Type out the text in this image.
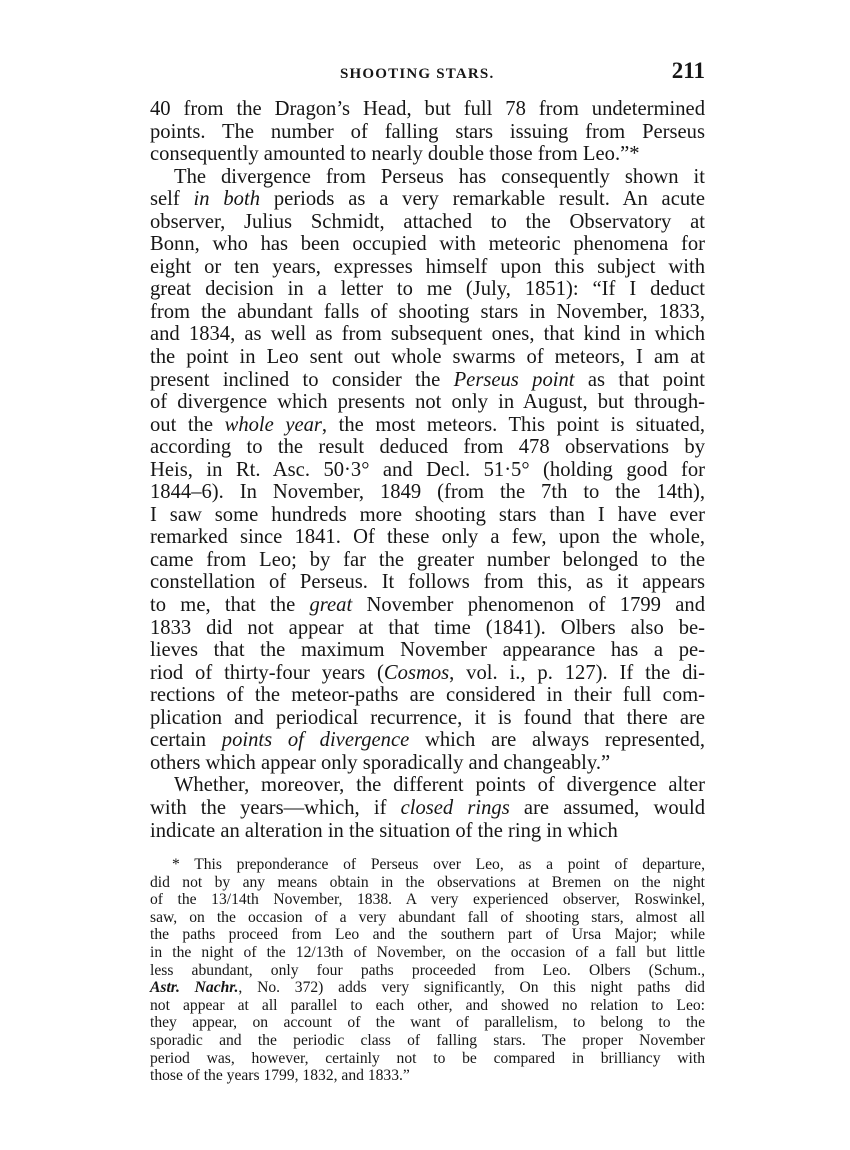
SHOOTING STARS.	211
40 from the Dragon’s Head, but full 78 from undetermined
points. The number of falling stars issuing from Perseus
consequently amounted to nearly double those from Leo.”*
The divergence from Perseus has consequently shown it
self in both periods as a very remarkable result. An acute
observer, Julius Schmidt, attached to the Observatory at
Bonn, who has been occupied with meteoric phenomena for
eight or ten years, expresses himself upon this subject with
great decision in a letter to me (July, 1851): “If I deduct
from the abundant falls of shooting stars in November, 1833,
and 1834, as well as from subsequent ones, that kind in which
the point in Leo sent out whole swarms of meteors, I am at
present inclined to consider the Perseus point as that point
of divergence which presents not only in August, but through-
out the whole year, the most meteors. This point is situated,
according to the result deduced from 478 observations by
Heis, in Rt. Asc. 50·3° and Decl. 51·5° (holding good for
1844–6). In November, 1849 (from the 7th to the 14th),
I saw some hundreds more shooting stars than I have ever
remarked since 1841. Of these only a few, upon the whole,
came from Leo; by far the greater number belonged to the
constellation of Perseus. It follows from this, as it appears
to me, that the great November phenomenon of 1799 and
1833 did not appear at that time (1841). Olbers also be-
lieves that the maximum November appearance has a pe-
riod of thirty-four years (Cosmos, vol. i., p. 127). If the di-
rections of the meteor-paths are considered in their full com-
plication and periodical recurrence, it is found that there are
certain points of divergence which are always represented,
others which appear only sporadically and changeably.”
Whether, moreover, the different points of divergence alter
with the years—which, if closed rings are assumed, would
indicate an alteration in the situation of the ring in which
* This preponderance of Perseus over Leo, as a point of departure,
did not by any means obtain in the observations at Bremen on the night
of the 13/14th November, 1838. A very experienced observer, Roswinkel,
saw, on the occasion of a very abundant fall of shooting stars, almost all
the paths proceed from Leo and the southern part of Ursa Major; while
in the night of the 12/13th of November, on the occasion of a fall but little
less abundant, only four paths proceeded from Leo. Olbers (Schum.,
Astr. Nachr., No. 372) adds very significantly, On this night paths did
not appear at all parallel to each other, and showed no relation to Leo:
they appear, on account of the want of parallelism, to belong to the
sporadic and the periodic class of falling stars. The proper November
period was, however, certainly not to be compared in brilliancy with
those of the years 1799, 1832, and 1833.”
